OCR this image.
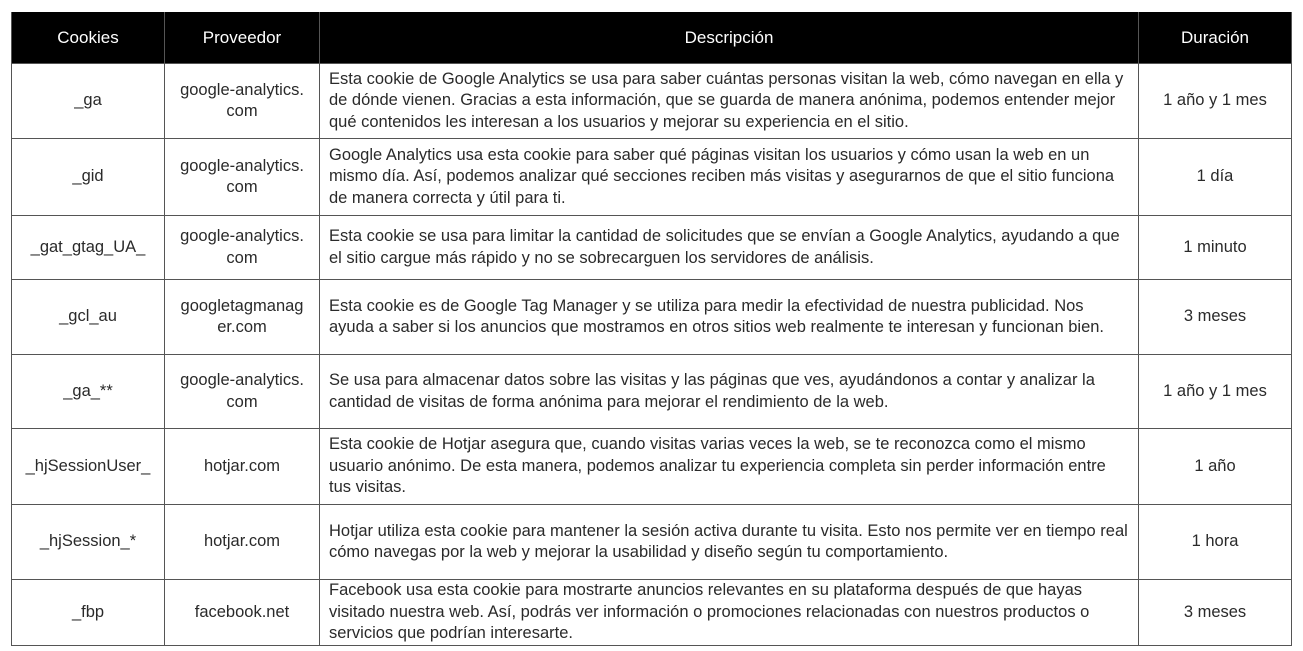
Cookies	Proveedor	Descripción	Duración
_ga	google-analytics.com	Esta cookie de Google Analytics se usa para saber cuántas personas visitan la web, cómo navegan en ella y de dónde vienen. Gracias a esta información, que se guarda de manera anónima, podemos entender mejor qué contenidos les interesan a los usuarios y mejorar su experiencia en el sitio.	1 año y 1 mes
_gid	google-analytics.com	Google Analytics usa esta cookie para saber qué páginas visitan los usuarios y cómo usan la web en un mismo día. Así, podemos analizar qué secciones reciben más visitas y asegurarnos de que el sitio funciona de manera correcta y útil para ti.	1 día
_gat_gtag_UA_	google-analytics.com	Esta cookie se usa para limitar la cantidad de solicitudes que se envían a Google Analytics, ayudando a que el sitio cargue más rápido y no se sobrecarguen los servidores de análisis.	1 minuto
_gcl_au	googletagmanager.com	Esta cookie es de Google Tag Manager y se utiliza para medir la efectividad de nuestra publicidad. Nos ayuda a saber si los anuncios que mostramos en otros sitios web realmente te interesan y funcionan bien.	3 meses
_ga_**	google-analytics.com	Se usa para almacenar datos sobre las visitas y las páginas que ves, ayudándonos a contar y analizar la cantidad de visitas de forma anónima para mejorar el rendimiento de la web.	1 año y 1 mes
_hjSessionUser_	hotjar.com	Esta cookie de Hotjar asegura que, cuando visitas varias veces la web, se te reconozca como el mismo usuario anónimo. De esta manera, podemos analizar tu experiencia completa sin perder información entre tus visitas.	1 año
_hjSession_*	hotjar.com	Hotjar utiliza esta cookie para mantener la sesión activa durante tu visita. Esto nos permite ver en tiempo real cómo navegas por la web y mejorar la usabilidad y diseño según tu comportamiento.	1 hora
_fbp	facebook.net	Facebook usa esta cookie para mostrarte anuncios relevantes en su plataforma después de que hayas visitado nuestra web. Así, podrás ver información o promociones relacionadas con nuestros productos o servicios que podrían interesarte.	3 meses
